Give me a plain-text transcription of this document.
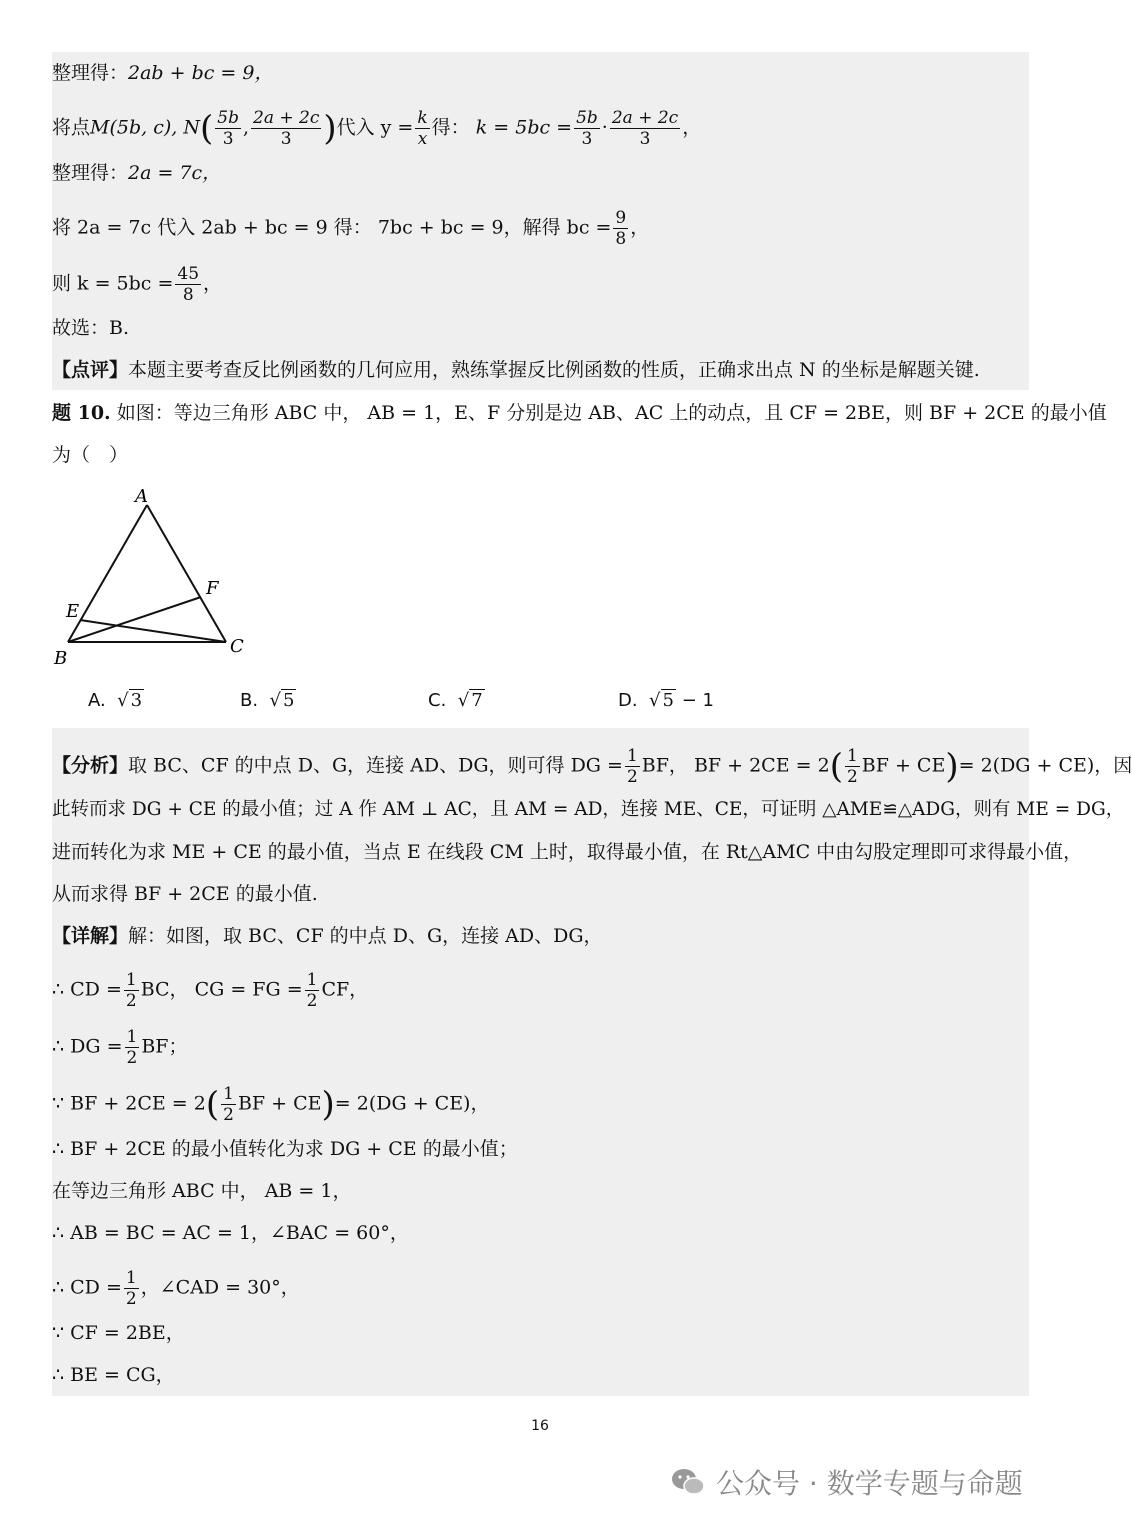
整理得：2ab + bc = 9，
将点M(5b, c), $N( \frac{5b}{3}$ , $\frac{2a + 2c}{3}$ )代入 $y = \frac{k}{x}$ 得： $k = 5bc = \frac{5b}{3} \cdot \frac{2a + 2c}{3}$ ，
整理得：2a = 7c，
将 2a = 7c 代入 2ab + bc = 9 得： 7bc + bc = 9，解得 bc = $\frac{9}{8}$ ，
则 $k = 5bc = \frac{45}{8}$ ，
故选：B.
【点评】本题主要考查反比例函数的几何应用，熟练掌握反比例函数的性质，正确求出点 N 的坐标是解题关键.
题 10. 如图：等边三角形 ABC 中， AB = 1，E、F 分别是边 AB、AC 上的动点，且 CF = 2BE，则 BF + 2CE 的最小值
为（　）
A
B
C
E
F
A. √ 3	B. √ 5	C. √ 7	D. √ 5 − 1
【分析】取 BC、CF 的中点 D、G，连接 AD、DG，则可得 DG = $\frac{1}{2}$ BF， BF + $2CE = 2( \frac{1}{2}$ BF + CE)= 2(DG + CE)，因
此转而求 DG + CE 的最小值；过 A 作 AM ⊥ AC，且 AM = AD，连接 ME、CE，可证明 △AME≌△ADG，则有 ME = DG，
进而转化为求 ME + CE 的最小值，当点 E 在线段 CM 上时，取得最小值，在 Rt△AMC 中由勾股定理即可求得最小值，
从而求得 BF + 2CE 的最小值.
【详解】解：如图，取 BC、CF 的中点 D、G，连接 AD、DG，
∴ CD = $\frac{1}{2}$ BC， CG = FG = $\frac{1}{2}$ CF，
∴ DG = $\frac{1}{2}$ BF；
∵ BF + $2CE = 2( \frac{1}{2}$ BF + CE)= 2(DG + CE)，
∴ BF + 2CE 的最小值转化为求 DG + CE 的最小值；
在等边三角形 ABC 中， AB = 1，
∴ AB = BC = AC = 1，∠BAC = 60°，
∴ CD = $\frac{1}{2}$ ，∠CAD = 30°，
∵ CF = 2BE，
∴ BE = CG，
16
公众号 · 数学专题与命题
